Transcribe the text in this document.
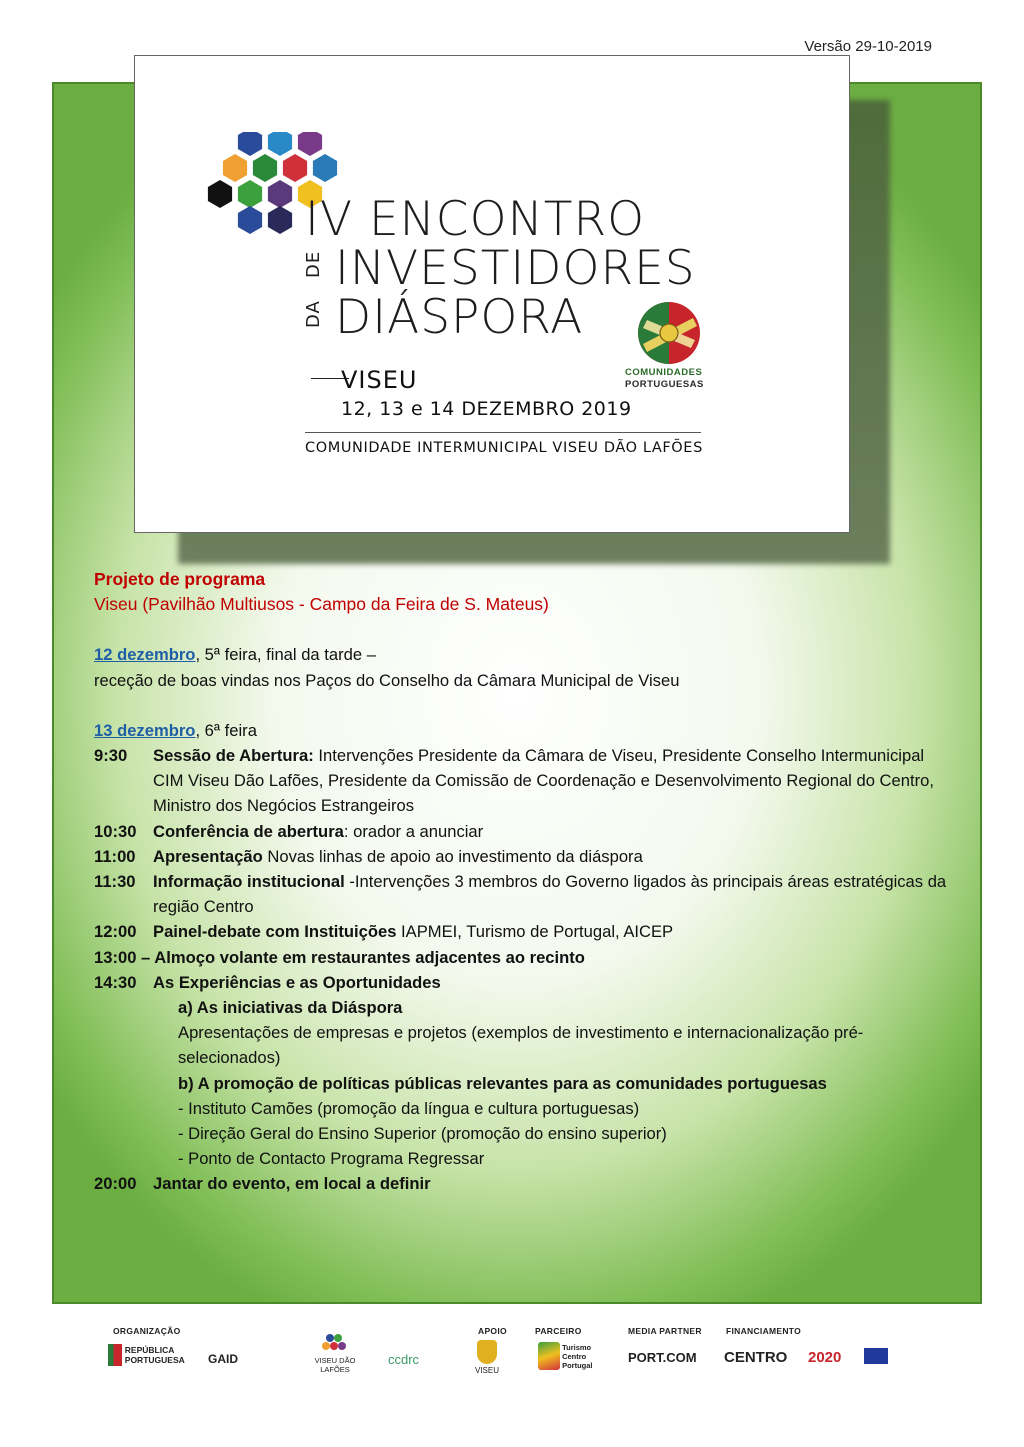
Versão 29-10-2019
IV ENCONTRO
DE INVESTIDORES
DA DIÁSPORA
COMUNIDADES
PORTUGUESAS
VISEU
12, 13 e 14 DEZEMBRO 2019
COMUNIDADE INTERMUNICIPAL VISEU DÃO LAFÕES
Projeto de programa
Viseu (Pavilhão Multiusos - Campo da Feira de S. Mateus)
12 dezembro, 5ª feira, final da tarde –
receção de boas vindas nos Paços do Conselho da Câmara Municipal de Viseu
13 dezembro, 6ª feira
9:30	Sessão de Abertura: Intervenções Presidente da Câmara de Viseu, Presidente Conselho Intermunicipal CIM Viseu Dão Lafões, Presidente da Comissão de Coordenação e Desenvolvimento Regional do Centro, Ministro dos Negócios Estrangeiros
10:30 Conferência de abertura: orador a anunciar
11:00	Apresentação Novas linhas de apoio ao investimento da diáspora
11:30	Informação institucional -Intervenções 3 membros do Governo ligados às principais áreas estratégicas da região Centro
12:00 Painel-debate com Instituições IAPMEI, Turismo de Portugal, AICEP
13:00 – Almoço volante em restaurantes adjacentes ao recinto
14:30 As Experiências e as Oportunidades
a) As iniciativas da Diáspora
Apresentações de empresas e projetos (exemplos de investimento e internacionalização pré-selecionados)
b) A promoção de políticas públicas relevantes para as comunidades portuguesas
- Instituto Camões (promoção da língua e cultura portuguesas)
- Direção Geral do Ensino Superior (promoção do ensino superior)
- Ponto de Contacto Programa Regressar
20:00 Jantar do evento, em local a definir
ORGANIZAÇÃO	APOIO	PARCEIRO	MEDIA PARTNER	FINANCIAMENTO
REPÚBLICA
PORTUGUESA GAID	VISEU DÃO LAFÕES
ccdrc

VISEU
Turismo Centro Portugal	PORT.COM CENTRO 2020
